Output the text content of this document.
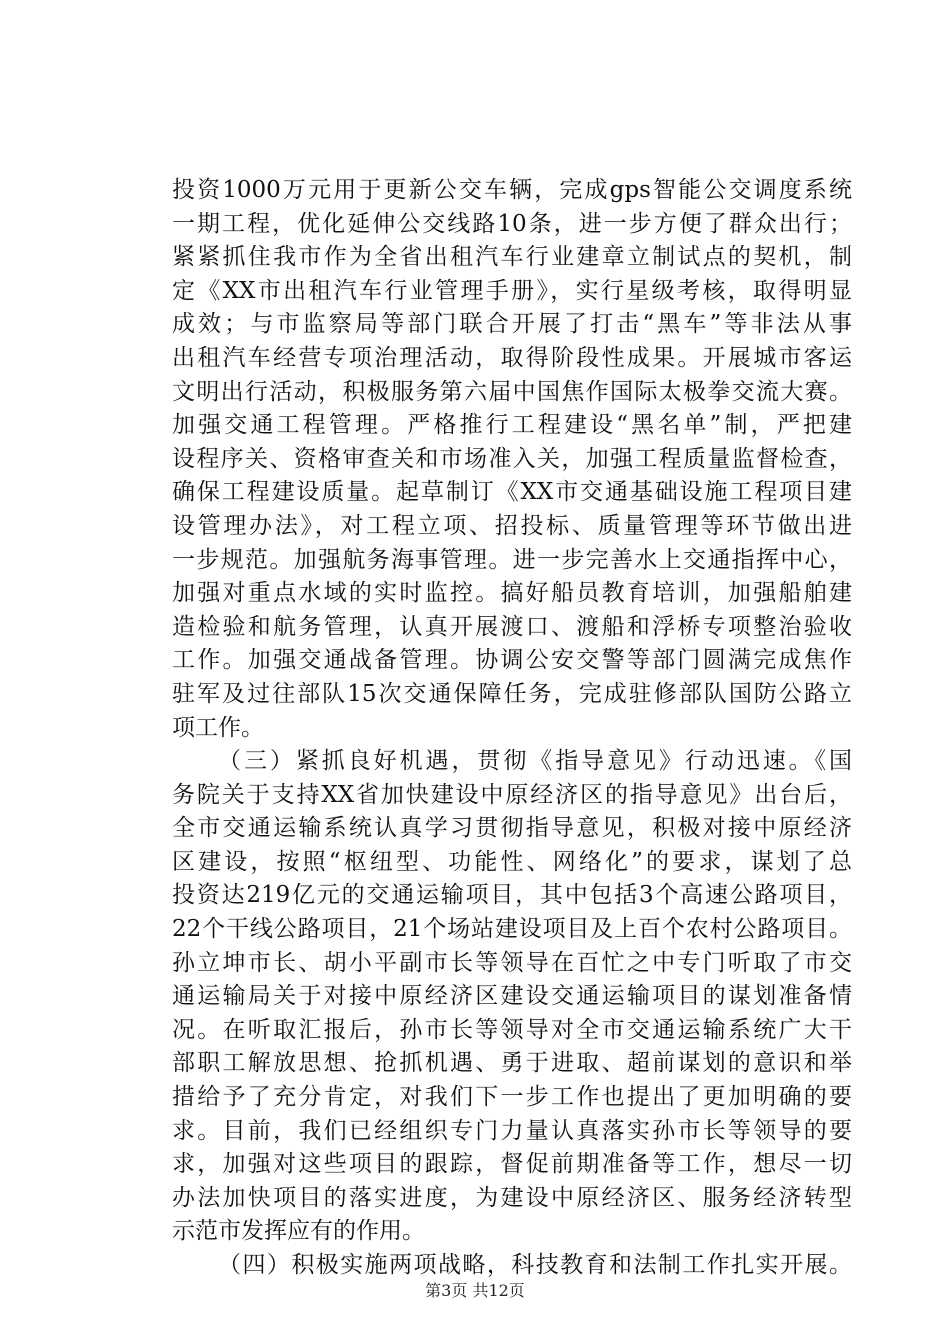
投资1000万元用于更新公交车辆，完成gps智能公交调度系统
一期工程，优化延伸公交线路10条，进一步方便了群众出行；
紧紧抓住我市作为全省出租汽车行业建章立制试点的契机，制
定《XX市出租汽车行业管理手册》，实行星级考核，取得明显
成效；与市监察局等部门联合开展了打击“黑车”等非法从事
出租汽车经营专项治理活动，取得阶段性成果。开展城市客运
文明出行活动，积极服务第六届中国焦作国际太极拳交流大赛。
加强交通工程管理。严格推行工程建设“黑名单”制，严把建
设程序关、资格审查关和市场准入关，加强工程质量监督检查，
确保工程建设质量。起草制订《XX市交通基础设施工程项目建
设管理办法》，对工程立项、招投标、质量管理等环节做出进
一步规范。加强航务海事管理。进一步完善水上交通指挥中心，
加强对重点水域的实时监控。搞好船员教育培训，加强船舶建
造检验和航务管理，认真开展渡口、渡船和浮桥专项整治验收
工作。加强交通战备管理。协调公安交警等部门圆满完成焦作
驻军及过往部队15次交通保障任务，完成驻修部队国防公路立
项工作。
（三）紧抓良好机遇，贯彻《指导意见》行动迅速。《国
务院关于支持XX省加快建设中原经济区的指导意见》出台后，
全市交通运输系统认真学习贯彻指导意见，积极对接中原经济
区建设，按照“枢纽型、功能性、网络化”的要求，谋划了总
投资达219亿元的交通运输项目，其中包括3个高速公路项目，
22个干线公路项目，21个场站建设项目及上百个农村公路项目。
孙立坤市长、胡小平副市长等领导在百忙之中专门听取了市交
通运输局关于对接中原经济区建设交通运输项目的谋划准备情
况。在听取汇报后，孙市长等领导对全市交通运输系统广大干
部职工解放思想、抢抓机遇、勇于进取、超前谋划的意识和举
措给予了充分肯定，对我们下一步工作也提出了更加明确的要
求。目前，我们已经组织专门力量认真落实孙市长等领导的要
求，加强对这些项目的跟踪，督促前期准备等工作，想尽一切
办法加快项目的落实进度，为建设中原经济区、服务经济转型
示范市发挥应有的作用。
（四）积极实施两项战略，科技教育和法制工作扎实开展。
第3页 共12页
